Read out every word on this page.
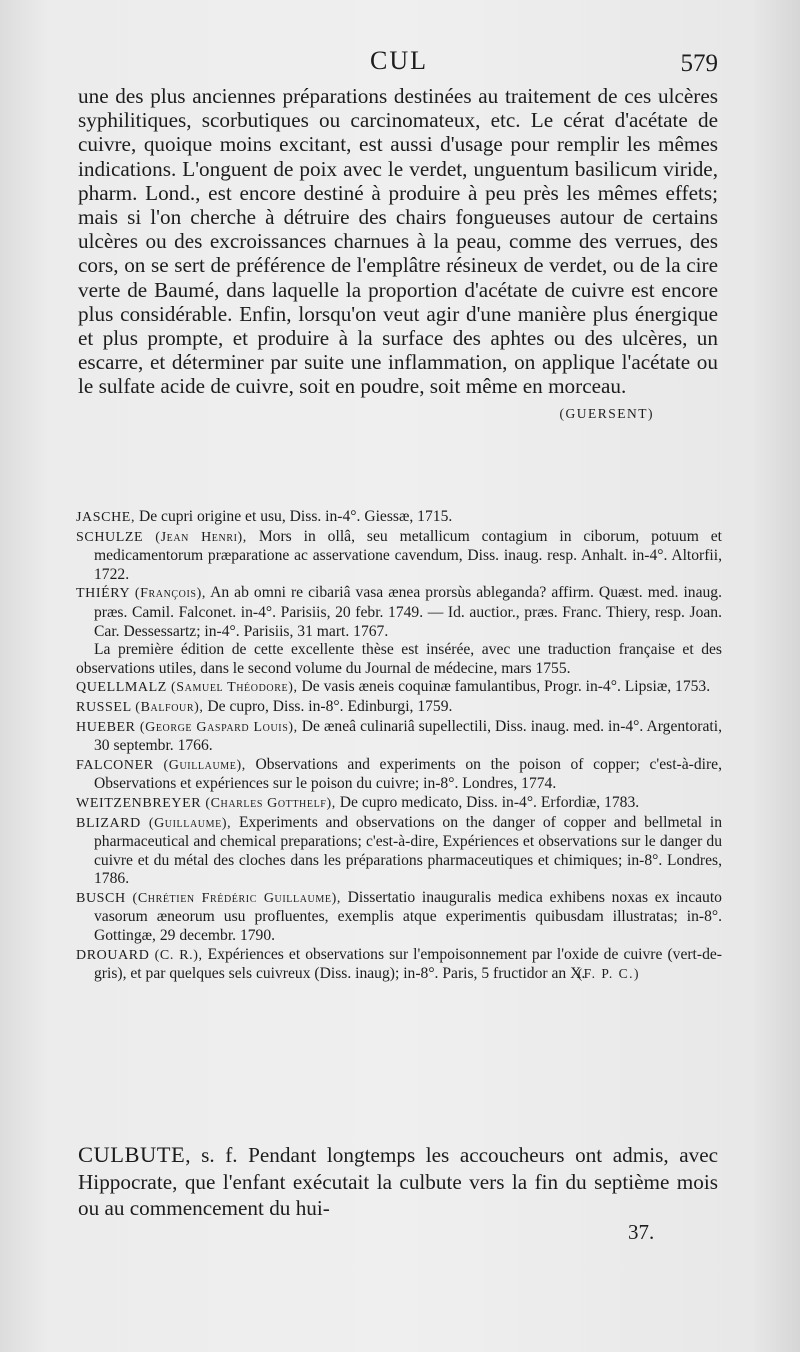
CUL	579

une des plus anciennes préparations destinées au traitement de ces ulcères syphilitiques, scorbutiques ou carcinomateux, etc. Le cérat d'acétate de cuivre, quoique moins excitant, est aussi d'usage pour remplir les mêmes indications. L'onguent de poix avec le verdet, unguentum basilicum viride, pharm. Lond., est encore destiné à produire à peu près les mêmes effets; mais si l'on cherche à détruire des chairs fongueuses autour de certains ulcères ou des excroissances charnues à la peau, comme des verrues, des cors, on se sert de préférence de l'emplâtre résineux de verdet, ou de la cire verte de Baumé, dans laquelle la proportion d'acétate de cuivre est encore plus considérable. Enfin, lorsqu'on veut agir d'une manière plus énergique et plus prompte, et produire à la surface des aphtes ou des ulcères, un escarre, et déterminer par suite une inflammation, on applique l'acétate ou le sulfate acide de cuivre, soit en poudre, soit même en morceau.

(GUERSENT)

JASCHE, De cupri origine et usu, Diss. in-4°. Giessæ, 1715.

SCHULZE (Jean Henri), Mors in ollâ, seu metallicum contagium in ciborum, potuum et medicamentorum præparatione ac asservatione cavendum, Diss. inaug. resp. Anhalt. in-4°. Altorfii, 1722.

THIÉRY (François), An ab omni re cibariâ vasa ænea prorsùs ableganda? affirm. Quæst. med. inaug. præs. Camil. Falconet. in-4°. Parisiis, 20 febr. 1749. — Id. auctior., præs. Franc. Thiery, resp. Joan. Car. Dessessartz; in-4°. Parisiis, 31 mart. 1767.

La première édition de cette excellente thèse est insérée, avec une traduction française et des observations utiles, dans le second volume du Journal de médecine, mars 1755.

QUELLMALZ (Samuel Théodore), De vasis æneis coquinæ famulantibus, Progr. in-4°. Lipsiæ, 1753.

RUSSEL (Balfour), De cupro, Diss. in-8°. Edinburgi, 1759.

HUEBER (George Gaspard Louis), De æneâ culinariâ supellectili, Diss. inaug. med. in-4°. Argentorati, 30 septembr. 1766.

FALCONER (Guillaume), Observations and experiments on the poison of copper; c'est-à-dire, Observations et expériences sur le poison du cuivre; in-8°. Londres, 1774.

WEITZENBREYER (Charles Gotthelf), De cupro medicato, Diss. in-4°. Erfordiæ, 1783.

BLIZARD (Guillaume), Experiments and observations on the danger of copper and bellmetal in pharmaceutical and chemical preparations; c'est-à-dire, Expériences et observations sur le danger du cuivre et du métal des cloches dans les préparations pharmaceutiques et chimiques; in-8°. Londres, 1786.

BUSCH (Chrétien Frédéric Guillaume), Dissertatio inauguralis medica exhibens noxas ex incauto vasorum æneorum usu profluentes, exemplis atque experimentis quibusdam illustratas; in-8°. Gottingæ, 29 decembr. 1790.

DROUARD (C. R.), Expériences et observations sur l'empoisonnement par l'oxide de cuivre (vert-de-gris), et par quelques sels cuivreux (Diss. inaug); in-8°. Paris, 5 fructidor an X.
(F. P. C.)

CULBUTE, s. f. Pendant longtemps les accoucheurs ont admis, avec Hippocrate, que l'enfant exécutait la culbute vers la fin du septième mois ou au commencement du hui-
37.
